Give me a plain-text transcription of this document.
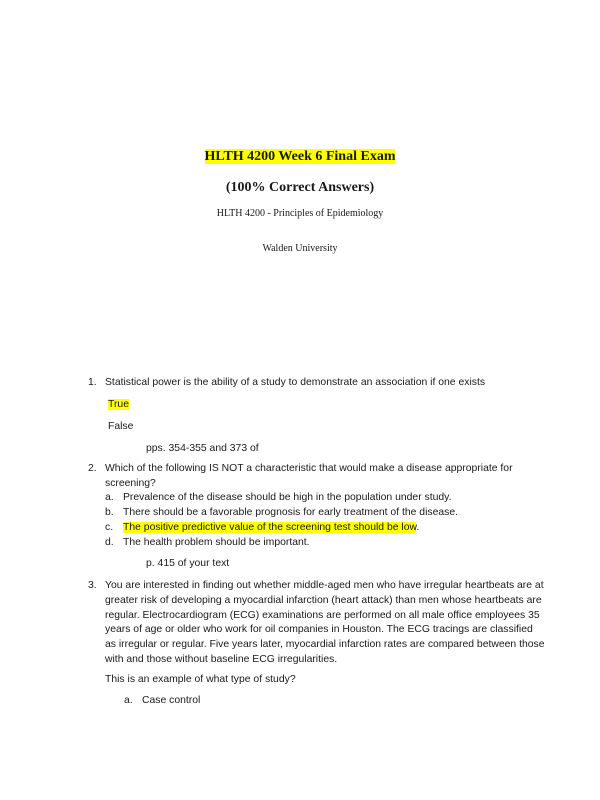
HLTH 4200 Week 6 Final Exam
(100% Correct Answers)
HLTH 4200 - Principles of Epidemiology
Walden University
1. Statistical power is the ability of a study to demonstrate an association if one exists
True
False
pps. 354-355 and 373 of
2. Which of the following IS NOT a characteristic that would make a disease appropriate for screening?
a. Prevalence of the disease should be high in the population under study.
b. There should be a favorable prognosis for early treatment of the disease.
c. The positive predictive value of the screening test should be low.
d. The health problem should be important.
p. 415 of your text
3. You are interested in finding out whether middle-aged men who have irregular heartbeats are at greater risk of developing a myocardial infarction (heart attack) than men whose heartbeats are regular. Electrocardiogram (ECG) examinations are performed on all male office employees 35 years of age or older who work for oil companies in Houston. The ECG tracings are classified as irregular or regular. Five years later, myocardial infarction rates are compared between those with and those without baseline ECG irregularities.
This is an example of what type of study?
a. Case control
